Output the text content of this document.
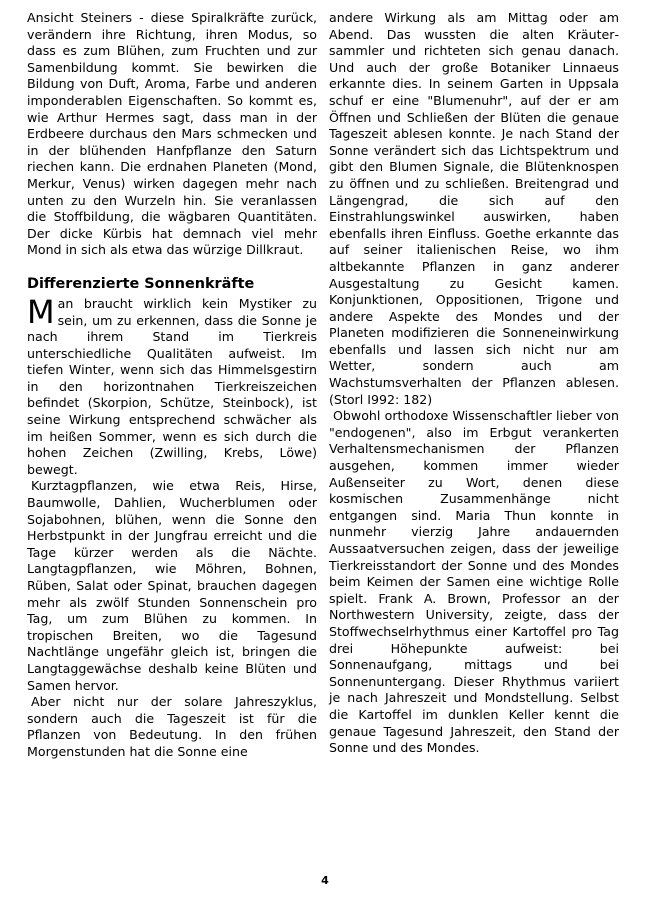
Ansicht Steiners - diese Spiralkräfte zurück, verändern ihre Richtung, ihren Modus, so dass es zum Blühen, zum Fruchten und zur Samenbildung kommt. Sie bewirken die Bildung von Duft, Aroma, Farbe und anderen imponderablen Eigenschaften. So kommt es, wie Arthur Hermes sagt, dass man in der Erdbeere durchaus den Mars schmecken und in der blühenden Hanfpflanze den Saturn riechen kann. Die erdnahen Planeten (Mond, Merkur, Venus) wirken dagegen mehr nach unten zu den Wurzeln hin. Sie veranlassen die Stoffbildung, die wägbaren Quantitäten. Der dicke Kürbis hat demnach viel mehr Mond in sich als etwa das würzige Dillkraut.

Differenzierte Sonnenkräfte

Man braucht wirklich kein Mystiker zu sein, um zu erkennen, dass die Sonne je nach ihrem Stand im Tierkreis unterschiedliche Qualitäten aufweist. Im tiefen Winter, wenn sich das Himmelsgestirn in den horizontnahen Tierkreiszeichen befindet (Skorpion, Schütze, Steinbock), ist seine Wirkung entsprechend schwächer als im heißen Sommer, wenn es sich durch die hohen Zeichen (Zwilling, Krebs, Löwe) bewegt.

Kurztagpflanzen, wie etwa Reis, Hirse, Baumwolle, Dahlien, Wucherblumen oder Sojabohnen, blühen, wenn die Sonne den Herbstpunkt in der Jungfrau erreicht und die Tage kürzer werden als die Nächte. Langtagpflanzen, wie Möhren, Bohnen, Rüben, Salat oder Spinat, brauchen dagegen mehr als zwölf Stunden Sonnenschein pro Tag, um zum Blühen zu kommen. In tropischen Breiten, wo die Tagesund Nachtlänge ungefähr gleich ist, bringen die Langtaggewächse deshalb keine Blüten und Samen hervor.

Aber nicht nur der solare Jahreszyklus, sondern auch die Tageszeit ist für die Pflanzen von Bedeutung. In den frühen Morgenstunden hat die Sonne eine

andere Wirkung als am Mittag oder am Abend. Das wussten die alten Kräutersammler und richteten sich genau danach. Und auch der große Botaniker Linnaeus erkannte dies. In seinem Garten in Uppsala schuf er eine "Blumenuhr", auf der er am Öffnen und Schließen der Blüten die genaue Tageszeit ablesen konnte. Je nach Stand der Sonne verändert sich das Lichtspektrum und gibt den Blumen Signale, die Blütenknospen zu öffnen und zu schließen. Breitengrad und Längengrad, die sich auf den Einstrahlungswinkel auswirken, haben ebenfalls ihren Einfluss. Goethe erkannte das auf seiner italienischen Reise, wo ihm altbekannte Pflanzen in ganz anderer Ausgestaltung zu Gesicht kamen. Konjunktionen, Oppositionen, Trigone und andere Aspekte des Mondes und der Planeten modifizieren die Sonneneinwirkung ebenfalls und lassen sich nicht nur am Wetter, sondern auch am Wachstumsverhalten der Pflanzen ablesen. (Storl I992: 182)

Obwohl orthodoxe Wissenschaftler lieber von "endogenen", also im Erbgut verankerten Verhaltensmechanismen der Pflanzen ausgehen, kommen immer wieder Außenseiter zu Wort, denen diese kosmischen Zusammenhänge nicht entgangen sind. Maria Thun konnte in nunmehr vierzig Jahre andauernden Aussaatversuchen zeigen, dass der jeweilige Tierkreisstandort der Sonne und des Mondes beim Keimen der Samen eine wichtige Rolle spielt. Frank A. Brown, Professor an der Northwestern University, zeigte, dass der Stoffwechselrhythmus einer Kartoffel pro Tag drei Höhepunkte aufweist: bei Sonnenaufgang, mittags und bei Sonnenuntergang. Dieser Rhythmus variiert je nach Jahreszeit und Mondstellung. Selbst die Kartoffel im dunklen Keller kennt die genaue Tagesund Jahreszeit, den Stand der Sonne und des Mondes.

4
